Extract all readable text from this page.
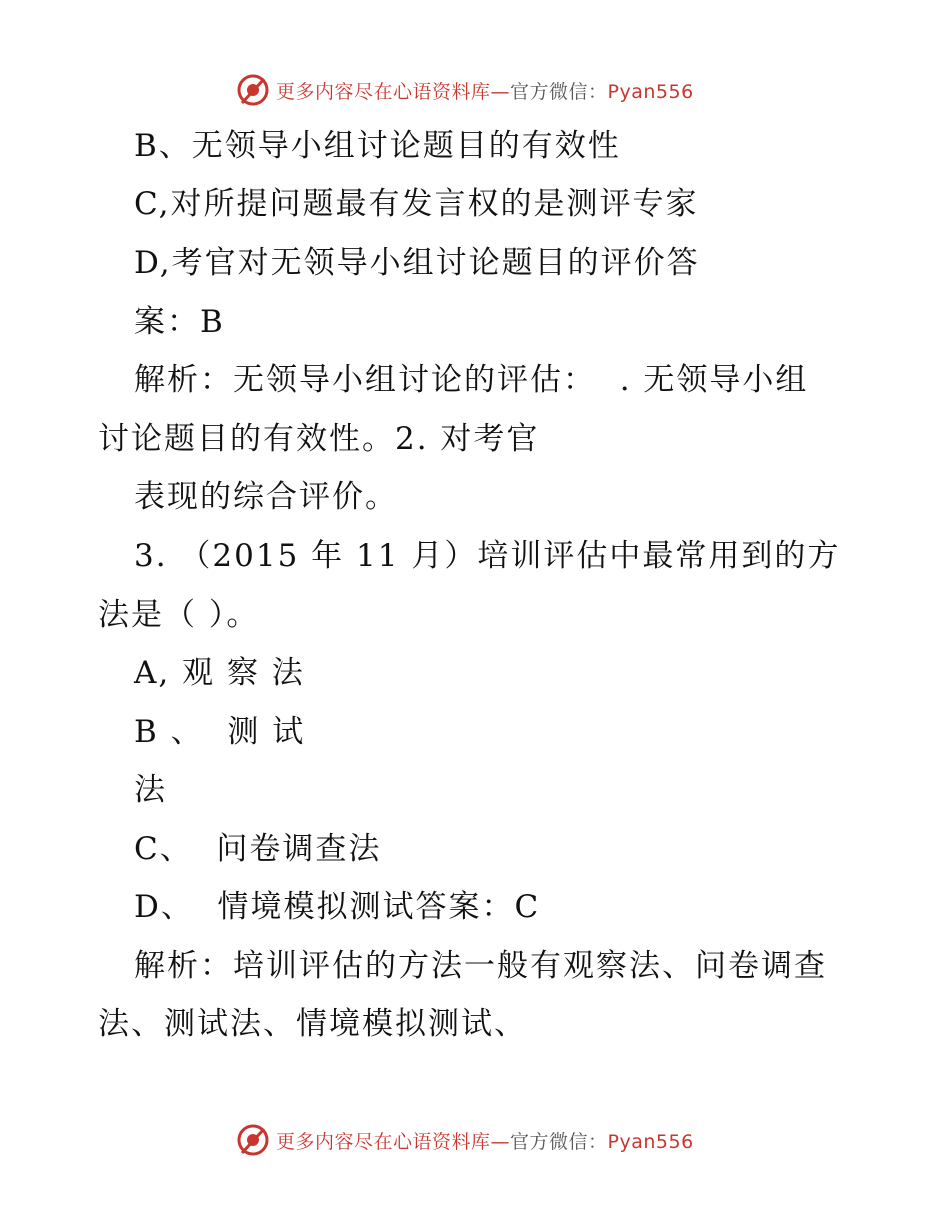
更多内容尽在心语资料库—官方微信：Pyan556
B、无领导小组讨论题目的有效性
C,对所提问题最有发言权的是测评专家
D,考官对无领导小组讨论题目的评价答
案：B
解析：无领导小组讨论的评估：  . 无领导小组
讨论题目的有效性。2. 对考官
表现的综合评价。
3. （2015 年 11 月）培训评估中最常用到的方
法是（ ）。
A, 观 察 法
B 、  测 试
法
C、  问卷调查法
D、  情境模拟测试答案：C
解析：培训评估的方法一般有观察法、问卷调查
法、测试法、情境模拟测试、
更多内容尽在心语资料库—官方微信：Pyan556
